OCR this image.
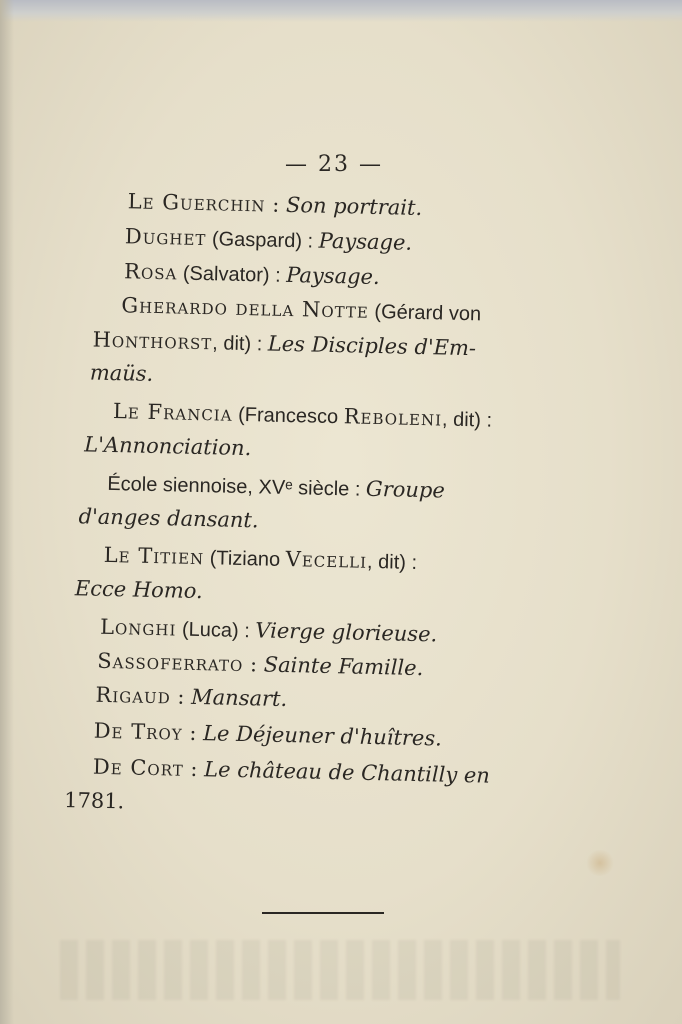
— 23 —
Le Guerchin : Son portrait.
Dughet (Gaspard) : Paysage.
Rosa (Salvator) : Paysage.
Gherardo della Notte (Gérard von
Honthorst, dit) : Les Disciples d'Em-
maüs.
Le Francia (Francesco Reboleni, dit) :
L'Annonciation.
École siennoise, XVᵉ siècle : Groupe
d'anges dansant.
Le Titien (Tiziano Vecelli, dit) :
Ecce Homo.
Longhi (Luca) : Vierge glorieuse.
Sassoferrato : Sainte Famille.
Rigaud : Mansart.
De Troy : Le Déjeuner d'huîtres.
De Cort : Le château de Chantilly en
1781.
